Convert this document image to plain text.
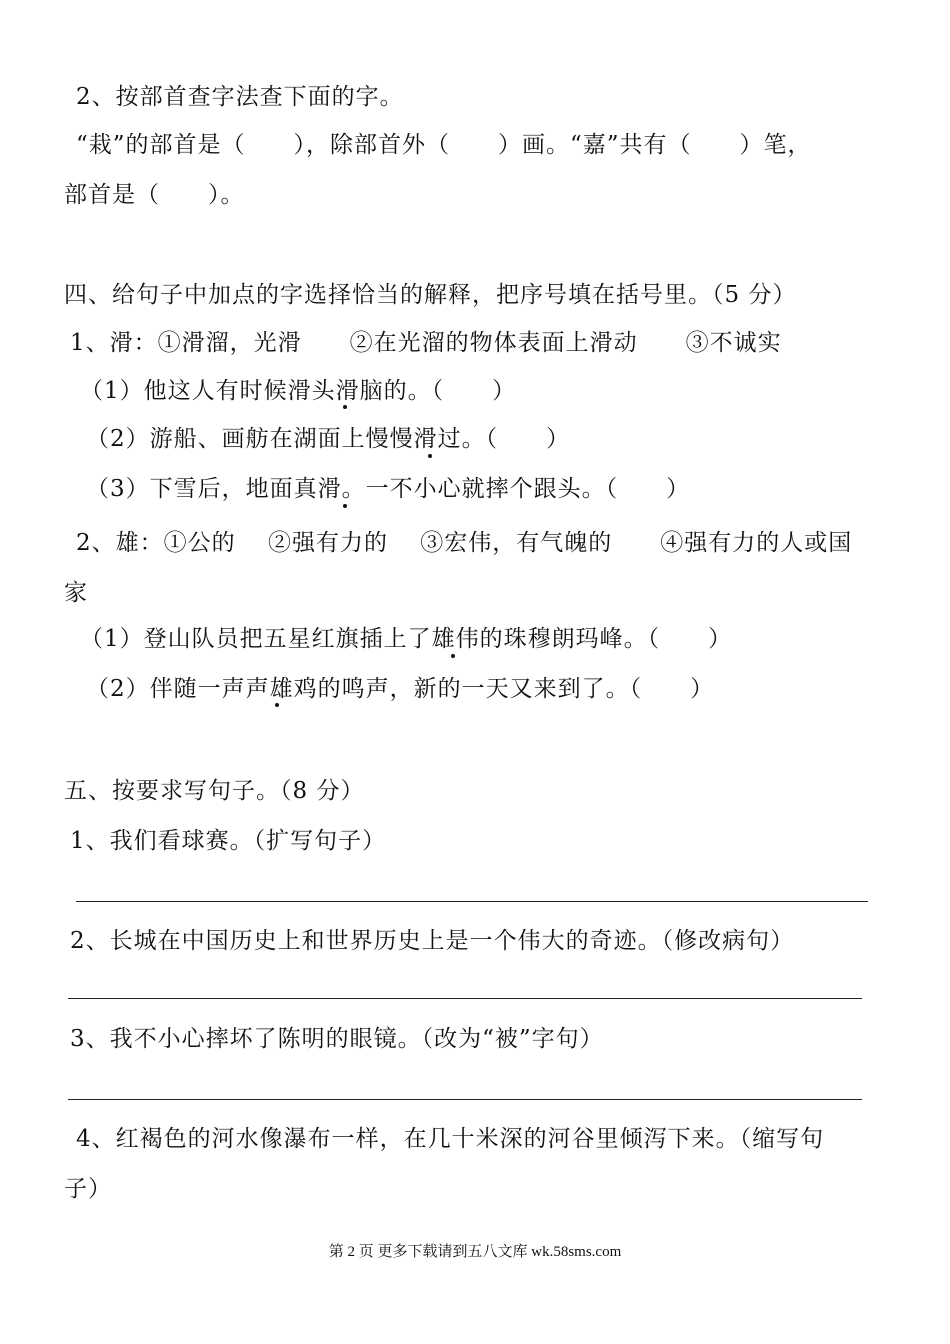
2、按部首查字法查下面的字。
“栽”的部首是（　　），除部首外（　　）画。“嘉”共有（　　）笔，
部首是（　　）。
四、给句子中加点的字选择恰当的解释，把序号填在括号里。（5 分）
1、滑：①滑溜，光滑　　②在光溜的物体表面上滑动　　③不诚实
（1）他这人有时候滑头滑脑的。（　　）
（2）游船、画舫在湖面上慢慢滑过。（　　）
（3）下雪后，地面真滑。一不小心就摔个跟头。（　　）
2、雄：①公的　 ②强有力的　 ③宏伟，有气魄的　　④强有力的人或国
家
（1）登山队员把五星红旗插上了雄伟的珠穆朗玛峰。（　　）
（2）伴随一声声雄鸡的鸣声，新的一天又来到了。（　　）
五、按要求写句子。（8 分）
1、我们看球赛。（扩写句子）
2、长城在中国历史上和世界历史上是一个伟大的奇迹。（修改病句）
3、我不小心摔坏了陈明的眼镜。（改为“被”字句）
4、红褐色的河水像瀑布一样，在几十米深的河谷里倾泻下来。（缩写句
子）
第 2 页 更多下载请到五八文库 wk.58sms.com
